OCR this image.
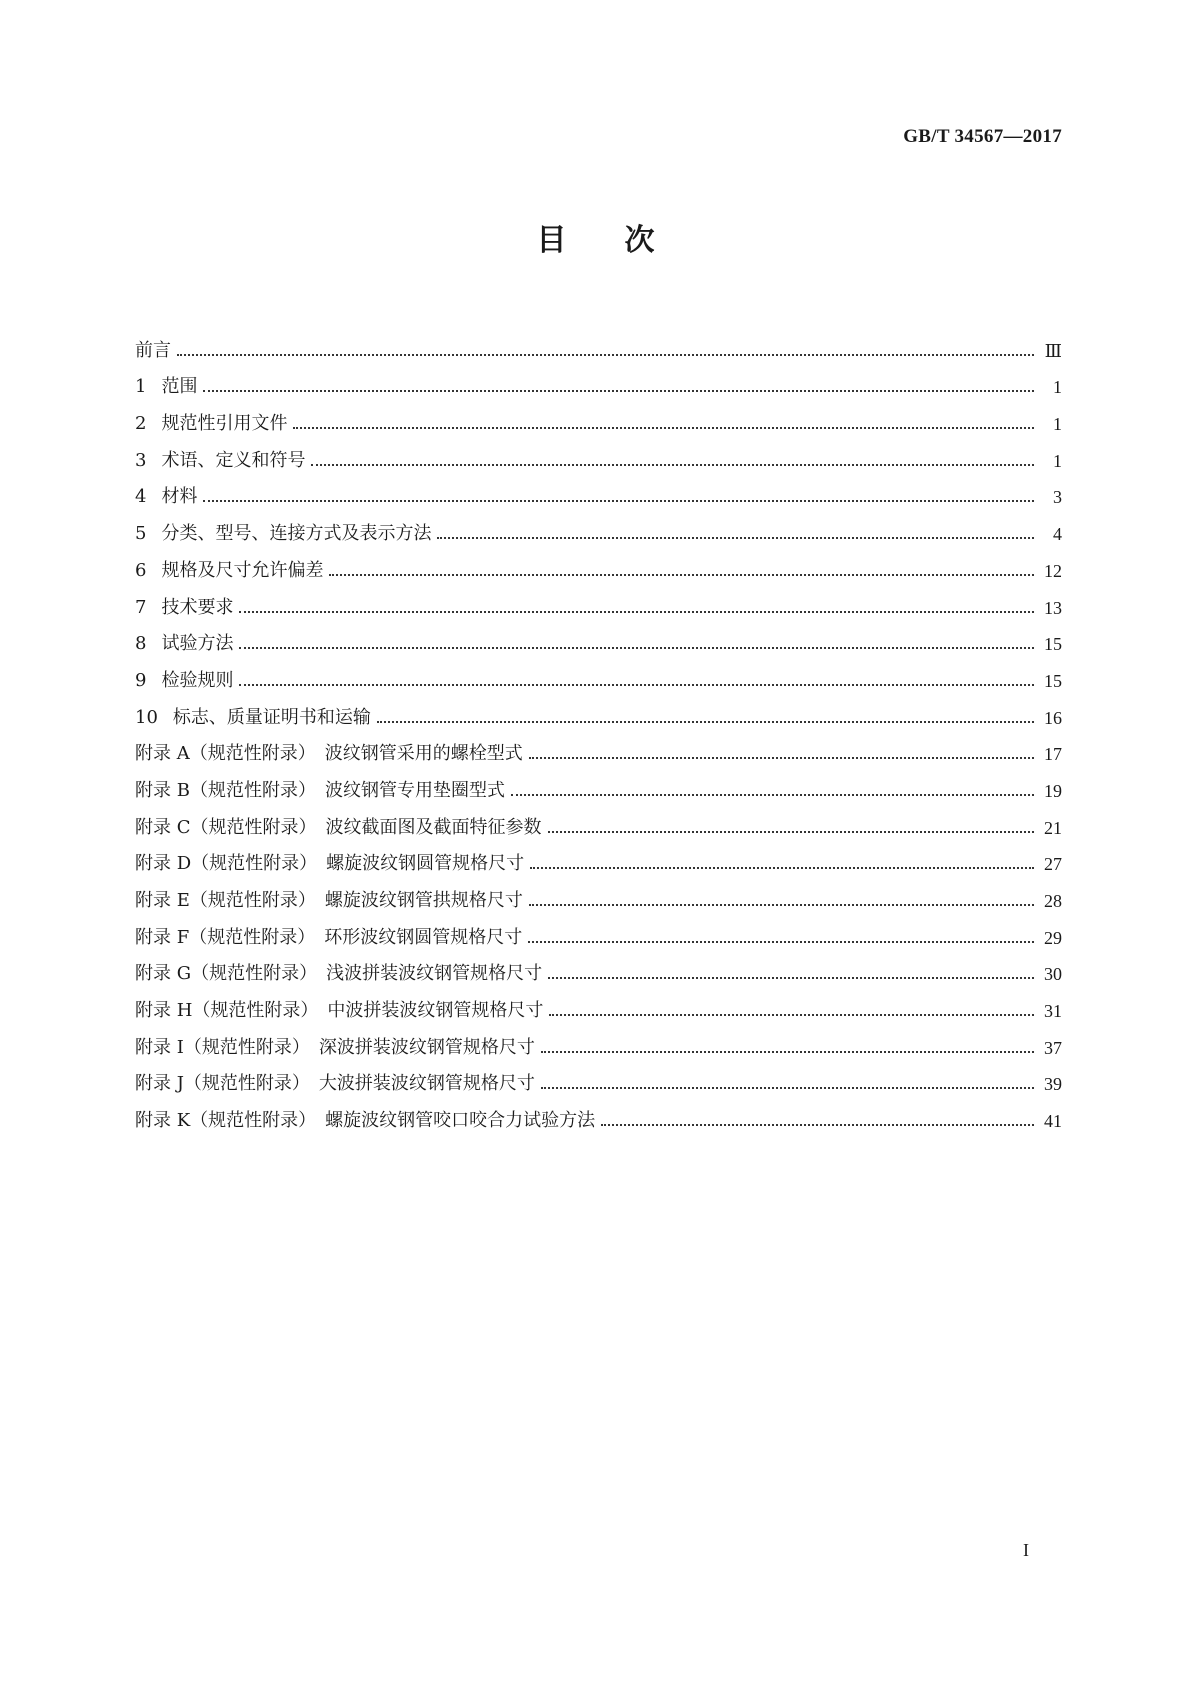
GB/T 34567—2017
目次
前言	Ⅲ
1 范围	1
2 规范性引用文件	1
3 术语、定义和符号	1
4 材料	3
5 分类、型号、连接方式及表示方法	4
6 规格及尺寸允许偏差	12
7 技术要求	13
8 试验方法	15
9 检验规则	15
10 标志、质量证明书和运输	16
附录 A（规范性附录）　波纹钢管采用的螺栓型式	17
附录 B（规范性附录）　波纹钢管专用垫圈型式	19
附录 C（规范性附录）　波纹截面图及截面特征参数	21
附录 D（规范性附录）　螺旋波纹钢圆管规格尺寸	27
附录 E（规范性附录）　螺旋波纹钢管拱规格尺寸	28
附录 F（规范性附录）　环形波纹钢圆管规格尺寸	29
附录 G（规范性附录）　浅波拼装波纹钢管规格尺寸	30
附录 H（规范性附录）　中波拼装波纹钢管规格尺寸	31
附录 I（规范性附录）　深波拼装波纹钢管规格尺寸	37
附录 J（规范性附录）　大波拼装波纹钢管规格尺寸	39
附录 K（规范性附录）　螺旋波纹钢管咬口咬合力试验方法	41
I
